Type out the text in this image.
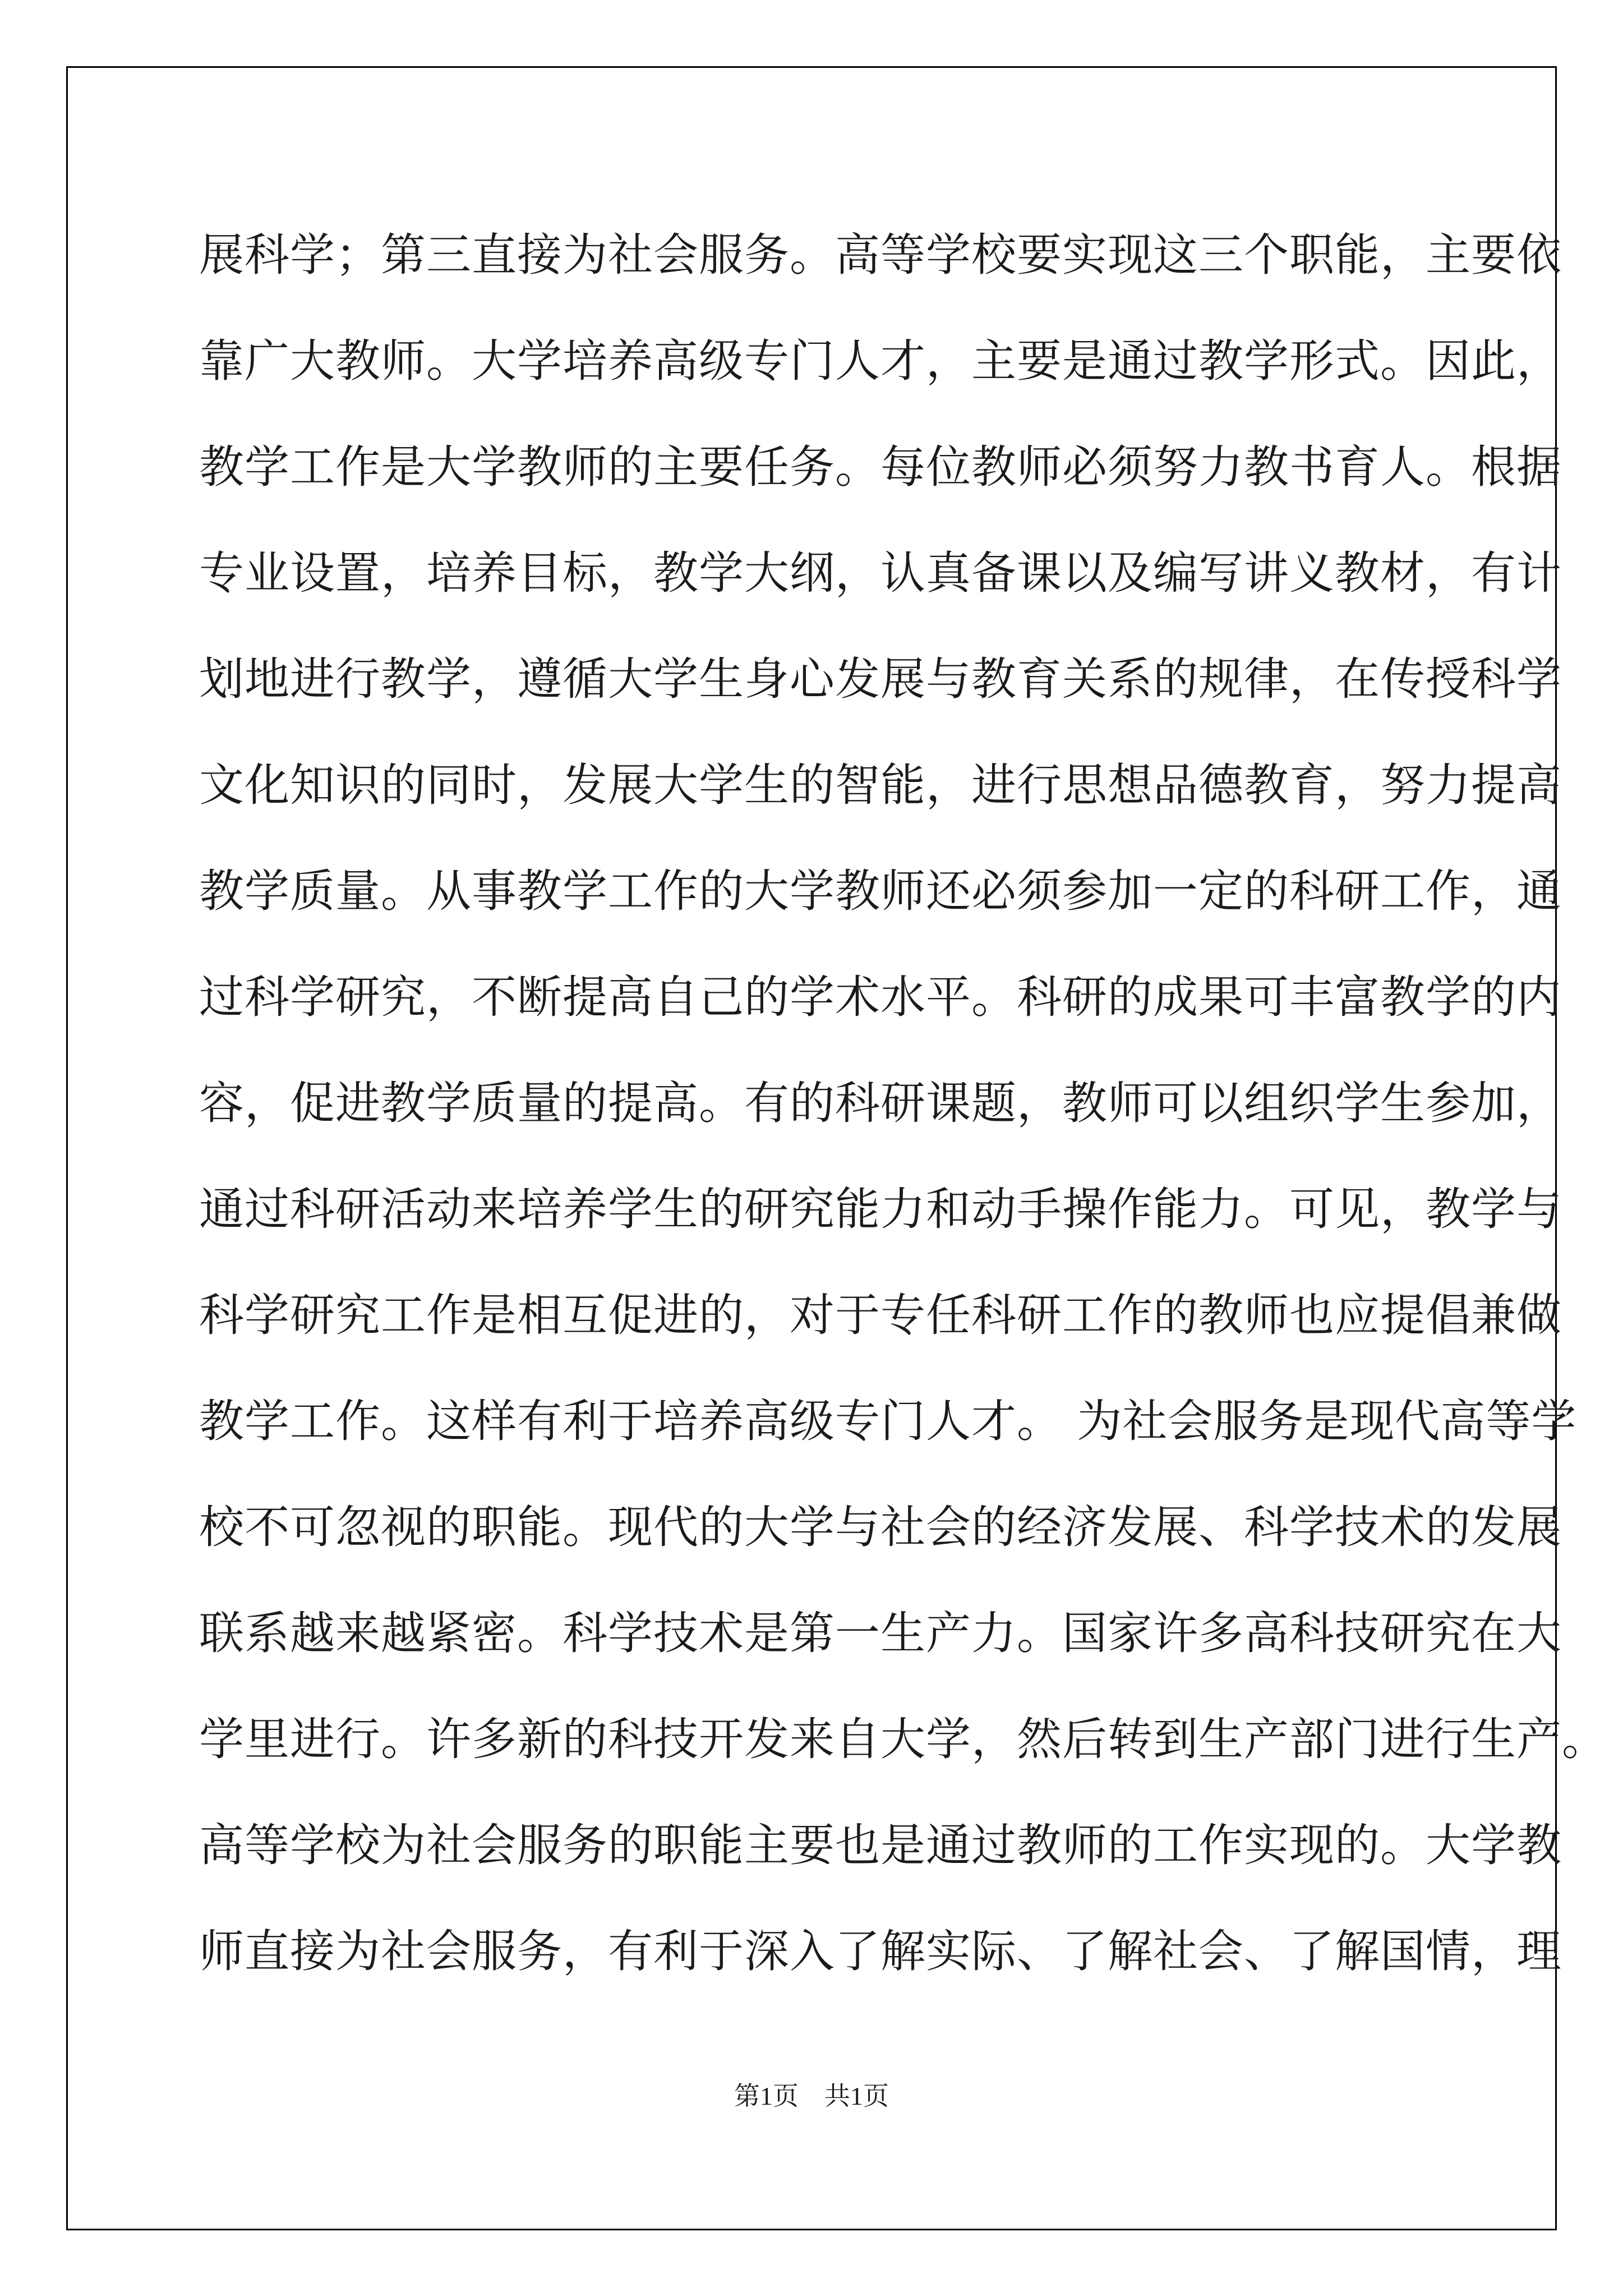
展科学；第三直接为社会服务。高等学校要实现这三个职能，主要依
靠广大教师。大学培养高级专门人才，主要是通过教学形式。因此，
教学工作是大学教师的主要任务。每位教师必须努力教书育人。根据
专业设置，培养目标，教学大纲，认真备课以及编写讲义教材，有计
划地进行教学，遵循大学生身心发展与教育关系的规律，在传授科学
文化知识的同时，发展大学生的智能，进行思想品德教育，努力提高
教学质量。从事教学工作的大学教师还必须参加一定的科研工作，通
过科学研究，不断提高自己的学术水平。科研的成果可丰富教学的内
容，促进教学质量的提高。有的科研课题，教师可以组织学生参加，
通过科研活动来培养学生的研究能力和动手操作能力。可见，教学与
科学研究工作是相互促进的，对于专任科研工作的教师也应提倡兼做
教学工作。这样有利于培养高级专门人才。 为社会服务是现代高等学
校不可忽视的职能。现代的大学与社会的经济发展、科学技术的发展
联系越来越紧密。科学技术是第一生产力。国家许多高科技研究在大
学里进行。许多新的科技开发来自大学，然后转到生产部门进行生产。
高等学校为社会服务的职能主要也是通过教师的工作实现的。大学教
师直接为社会服务，有利于深入了解实际、了解社会、了解国情，理
第1页　共1页
